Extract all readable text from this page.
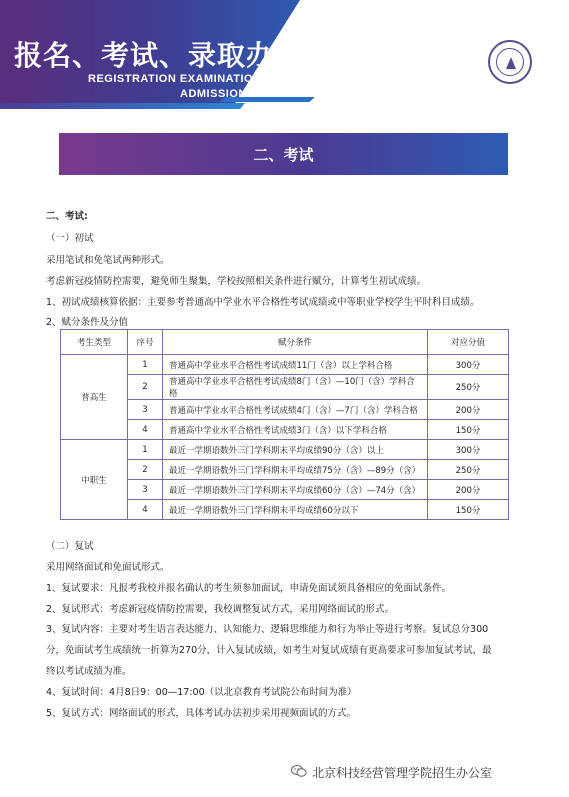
报名、考试、录取办法
REGISTRATION EXAMINATION
ADMISSION
二、考试
二、考试:
（一）初试
采用笔试和免笔试两种形式。
考虑新冠疫情防控需要，避免师生聚集，学校按照相关条件进行赋分，计算考生初试成绩。
1、初试成绩核算依据：主要参考普通高中学业水平合格性考试成绩或中等职业学校学生平时科目成绩。
2、赋分条件及分值
考生类型	序号	赋分条件	对应分值
普高生	1	普通高中学业水平合格性考试成绩11门（含）以上学科合格	300分
	2	普通高中学业水平合格性考试成绩8门（含）—10门（含）学科合格	250分
	3	普通高中学业水平合格性考试成绩4门（含）—7门（含）学科合格	200分
	4	普通高中学业水平合格性考试成绩3门（含）以下学科合格	150分
中职生	1	最近一学期语数外三门学科期末平均成绩90分（含）以上	300分
	2	最近一学期语数外三门学科期末平均成绩75分（含）—89分（含）	250分
	3	最近一学期语数外三门学科期末平均成绩60分（含）—74分（含）	200分
	4	最近一学期语数外三门学科期末平均成绩60分以下	150分
（二）复试
采用网络面试和免面试形式。
1、复试要求：凡报考我校并报名确认的考生须参加面试，申请免面试须具备相应的免面试条件。
2、复试形式：考虑新冠疫情防控需要，我校调整复试方式，采用网络面试的形式。
3、复试内容：主要对考生语言表达能力、认知能力、逻辑思维能力和行为举止等进行考察。复试总分300
分，免面试考生成绩统一折算为270分，计入复试成绩，如考生对复试成绩有更高要求可参加复试考试，最
终以考试成绩为准。
4、复试时间：4月8日9：00—17:00（以北京教育考试院公布时间为准）
5、复试方式：网络面试的形式，具体考试办法初步采用视频面试的方式。
北京科技经营管理学院招生办公室
